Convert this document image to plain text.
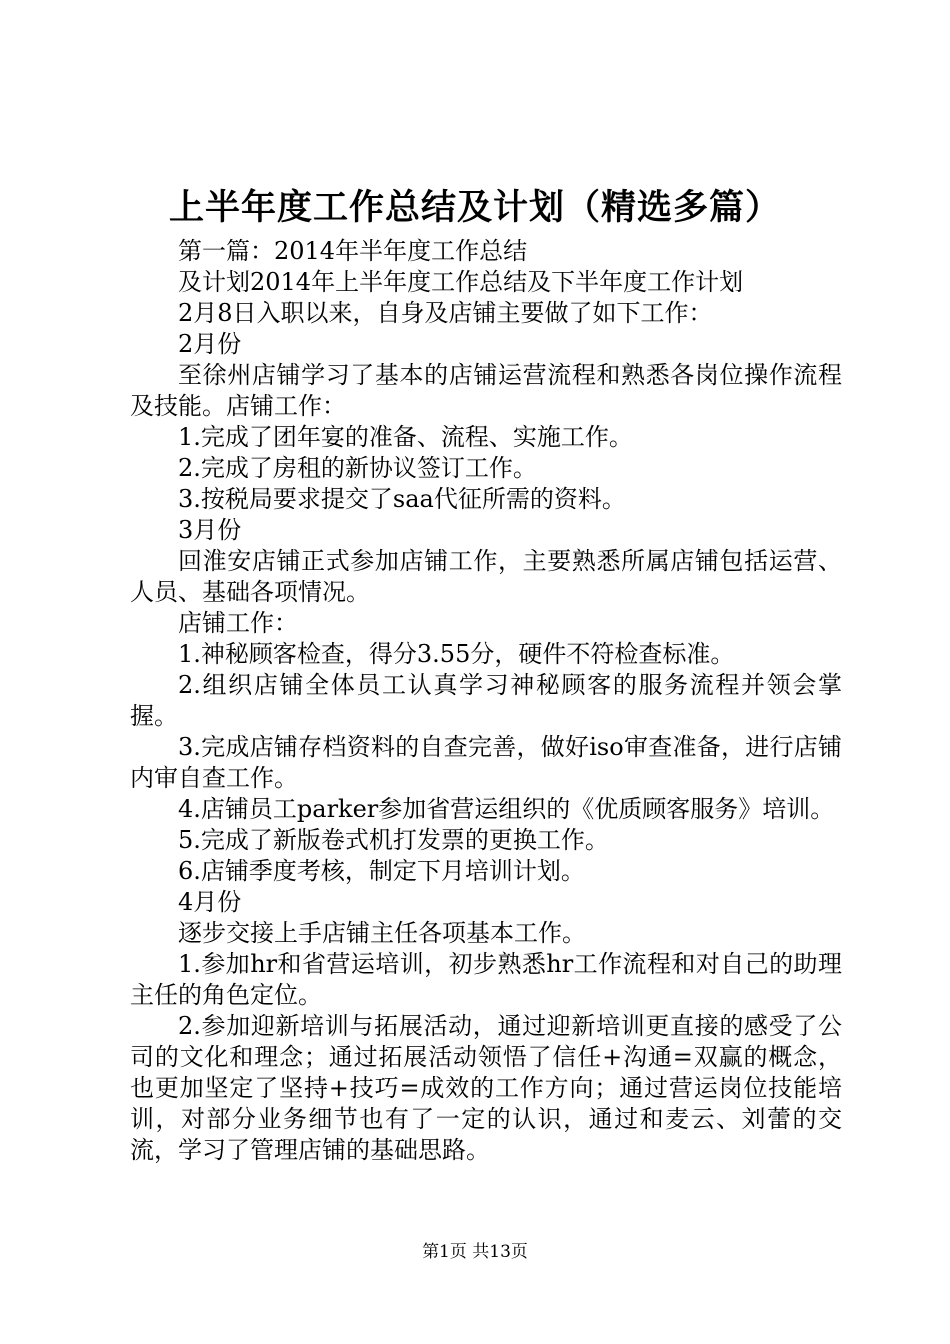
上半年度工作总结及计划（精选多篇）

第一篇：2014年半年度工作总结

及计划2014年上半年度工作总结及下半年度工作计划

2月8日入职以来，自身及店铺主要做了如下工作：

2月份

至徐州店铺学习了基本的店铺运营流程和熟悉各岗位操作流程及技能。店铺工作：

1.完成了团年宴的准备、流程、实施工作。

2.完成了房租的新协议签订工作。

3.按税局要求提交了saa代征所需的资料。

3月份

回淮安店铺正式参加店铺工作，主要熟悉所属店铺包括运营、人员、基础各项情况。

店铺工作：

1.神秘顾客检查，得分3.55分，硬件不符检查标准。

2.组织店铺全体员工认真学习神秘顾客的服务流程并领会掌握。

3.完成店铺存档资料的自查完善，做好iso审查准备，进行店铺内审自查工作。

4.店铺员工parker参加省营运组织的《优质顾客服务》培训。

5.完成了新版卷式机打发票的更换工作。

6.店铺季度考核，制定下月培训计划。

4月份

逐步交接上手店铺主任各项基本工作。

1.参加hr和省营运培训，初步熟悉hr工作流程和对自己的助理主任的角色定位。

2.参加迎新培训与拓展活动，通过迎新培训更直接的感受了公司的文化和理念；通过拓展活动领悟了信任+沟通=双赢的概念，也更加坚定了坚持+技巧=成效的工作方向；通过营运岗位技能培训，对部分业务细节也有了一定的认识，通过和麦云、刘蕾的交流，学习了管理店铺的基础思路。

第1页 共13页
